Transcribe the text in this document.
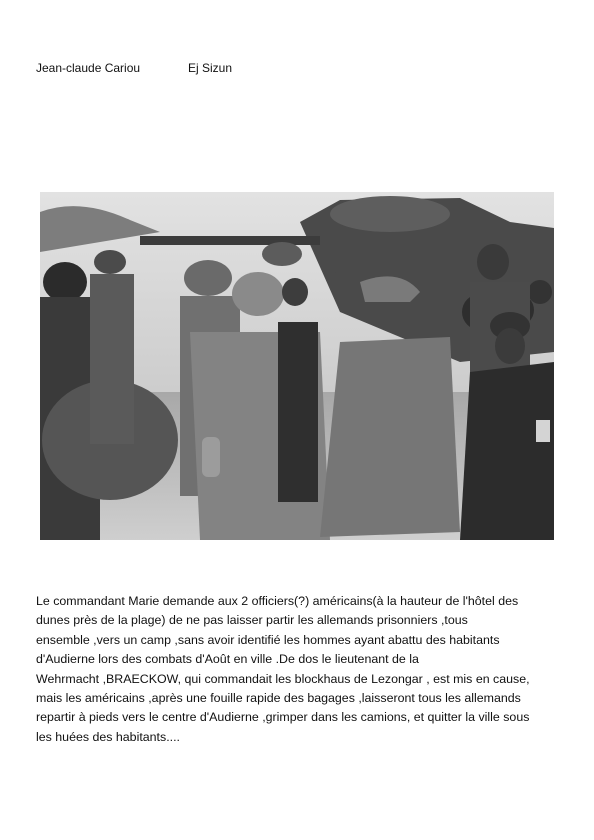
Jean-claude Cariou	Ej Sizun
Le commandant Marie demande aux 2 officiers(?) américains(à la hauteur de l'hôtel des
dunes près de la plage) de ne pas laisser partir les allemands prisonniers ,tous
ensemble ,vers un camp ,sans avoir identifié les hommes ayant abattu des habitants
d'Audierne lors des combats d'Août en ville .De dos le lieutenant de la
Wehrmacht ,BRAECKOW, qui commandait les blockhaus de Lezongar , est mis en cause,
mais les américains ,après une fouille rapide des bagages ,laisseront tous les allemands
repartir à pieds vers le centre d'Audierne ,grimper dans les camions, et quitter la ville sous
les huées des habitants....
